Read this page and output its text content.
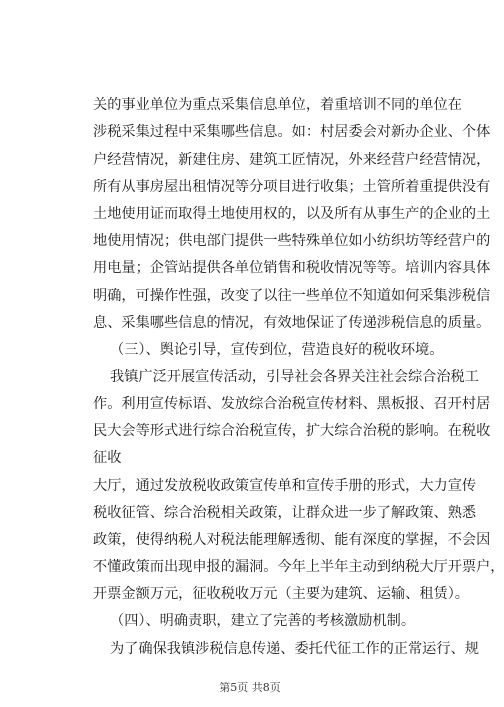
关的事业单位为重点采集信息单位，着重培训不同的单位在
涉税采集过程中采集哪些信息。如：村居委会对新办企业、个体
户经营情况，新建住房、建筑工匠情况，外来经营户经营情况，
所有从事房屋出租情况等分项目进行收集；土管所着重提供没有
土地使用证而取得土地使用权的，以及所有从事生产的企业的土
地使用情况；供电部门提供一些特殊单位如小纺织坊等经营户的
用电量；企管站提供各单位销售和税收情况等等。培训内容具体
明确，可操作性强，改变了以往一些单位不知道如何采集涉税信
息、采集哪些信息的情况，有效地保证了传递涉税信息的质量。
（三）、舆论引导，宣传到位，营造良好的税收环境。
我镇广泛开展宣传活动，引导社会各界关注社会综合治税工
作。利用宣传标语、发放综合治税宣传材料、黑板报、召开村居
民大会等形式进行综合治税宣传，扩大综合治税的影响。在税收
征收
大厅，通过发放税收政策宣传单和宣传手册的形式，大力宣传
税收征管、综合治税相关政策，让群众进一步了解政策、熟悉
政策，使得纳税人对税法能理解透彻、能有深度的掌握，不会因
不懂政策而出现申报的漏洞。今年上半年主动到纳税大厅开票户，
开票金额万元，征收税收万元（主要为建筑、运输、租赁）。
（四）、明确责职，建立了完善的考核激励机制。
为了确保我镇涉税信息传递、委托代征工作的正常运行、规
第5页 共8页
